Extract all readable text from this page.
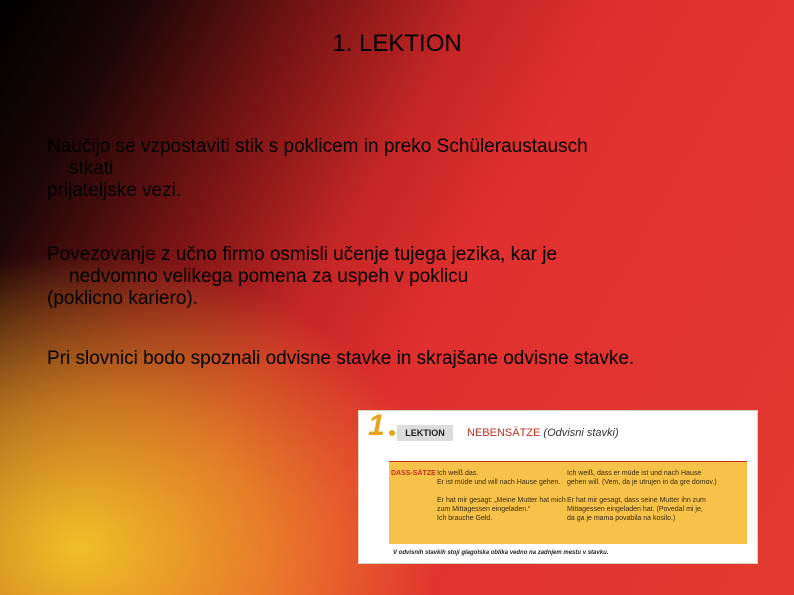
1. LEKTION
Naučijo se vzpostaviti stik s poklicem in preko Schüleraustausch
stkati
prijateljske vezi.
Povezovanje z učno firmo osmisli učenje tujega jezika, kar je
nedvomno velikega pomena za uspeh v poklicu
(poklicno kariero).
Pri slovnici bodo spoznali odvisne stavke in skrajšane odvisne stavke.
1	LEKTION	NEBENSÄTZE (Odvisni stavki)
DASS-SÄTZE Ich weiß das.
Er ist müde und will nach Hause gehen.
Er hat mir gesagt: „Meine Mutter hat mich
zum Mittagessen eingeladen.“
Ich brauche Geld.
Ich weiß, dass er müde ist und nach Hause
gehen will. (Vem, da je utrujen in da gre domov.)
Er hat mir gesagt, dass seine Mutter ihn zum
Mittagessen eingeladen hat. (Povedal mi je,
da ga je mama povabila na kosilo.)
V odvisnih stavkih stoji glagolska oblika vedno na zadnjem mestu v stavku.
